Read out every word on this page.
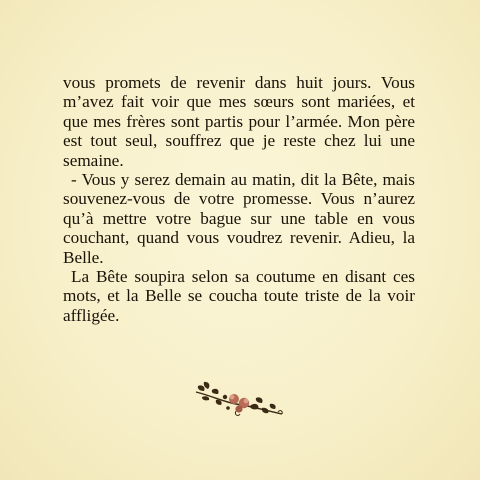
vous promets de revenir dans huit jours. Vous m’avez fait voir que mes sœurs sont mariées, et que mes frères sont partis pour l’armée. Mon père est tout seul, souffrez que je reste chez lui une semaine.

- Vous y serez demain au matin, dit la Bête, mais souvenez-vous de votre promesse. Vous n’aurez qu’à mettre votre bague sur une table en vous couchant, quand vous voudrez revenir. Adieu, la Belle.

La Bête soupira selon sa coutume en disant ces mots, et la Belle se coucha toute triste de la voir affligée.
